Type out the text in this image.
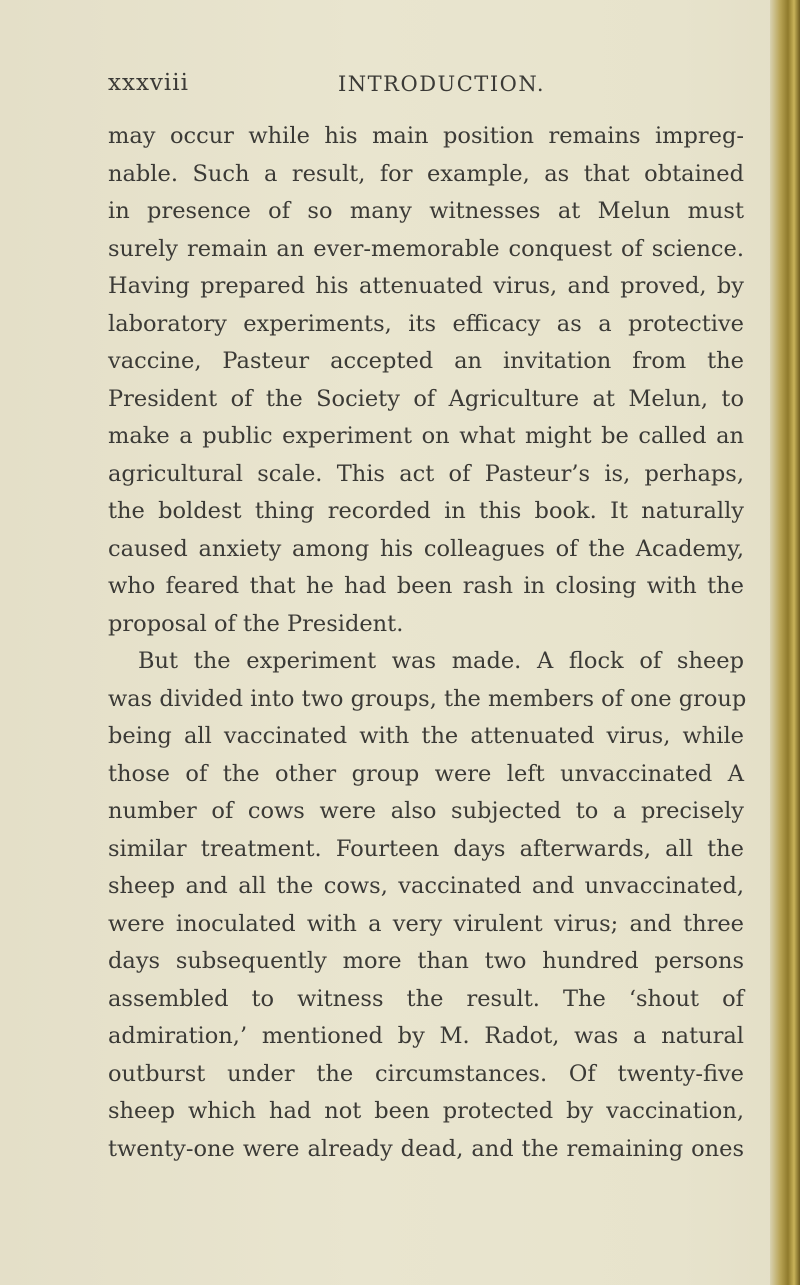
xxxviii	INTRODUCTION.
may occur while his main position remains impreg-
nable. Such a result, for example, as that obtained
in presence of so many witnesses at Melun must
surely remain an ever-memorable conquest of science.
Having prepared his attenuated virus, and proved, by
laboratory experiments, its efficacy as a protective
vaccine, Pasteur accepted an invitation from the
President of the Society of Agriculture at Melun, to
make a public experiment on what might be called an
agricultural scale. This act of Pasteur’s is, perhaps,
the boldest thing recorded in this book. It naturally
caused anxiety among his colleagues of the Academy,
who feared that he had been rash in closing with the
proposal of the President.
But the experiment was made. A flock of sheep
was divided into two groups, the members of one group
being all vaccinated with the attenuated virus, while
those of the other group were left unvaccinated A
number of cows were also subjected to a precisely
similar treatment. Fourteen days afterwards, all the
sheep and all the cows, vaccinated and unvaccinated,
were inoculated with a very virulent virus; and three
days subsequently more than two hundred persons
assembled to witness the result. The ‘shout of
admiration,’ mentioned by M. Radot, was a natural
outburst under the circumstances. Of twenty-five
sheep which had not been protected by vaccination,
twenty-one were already dead, and the remaining ones
